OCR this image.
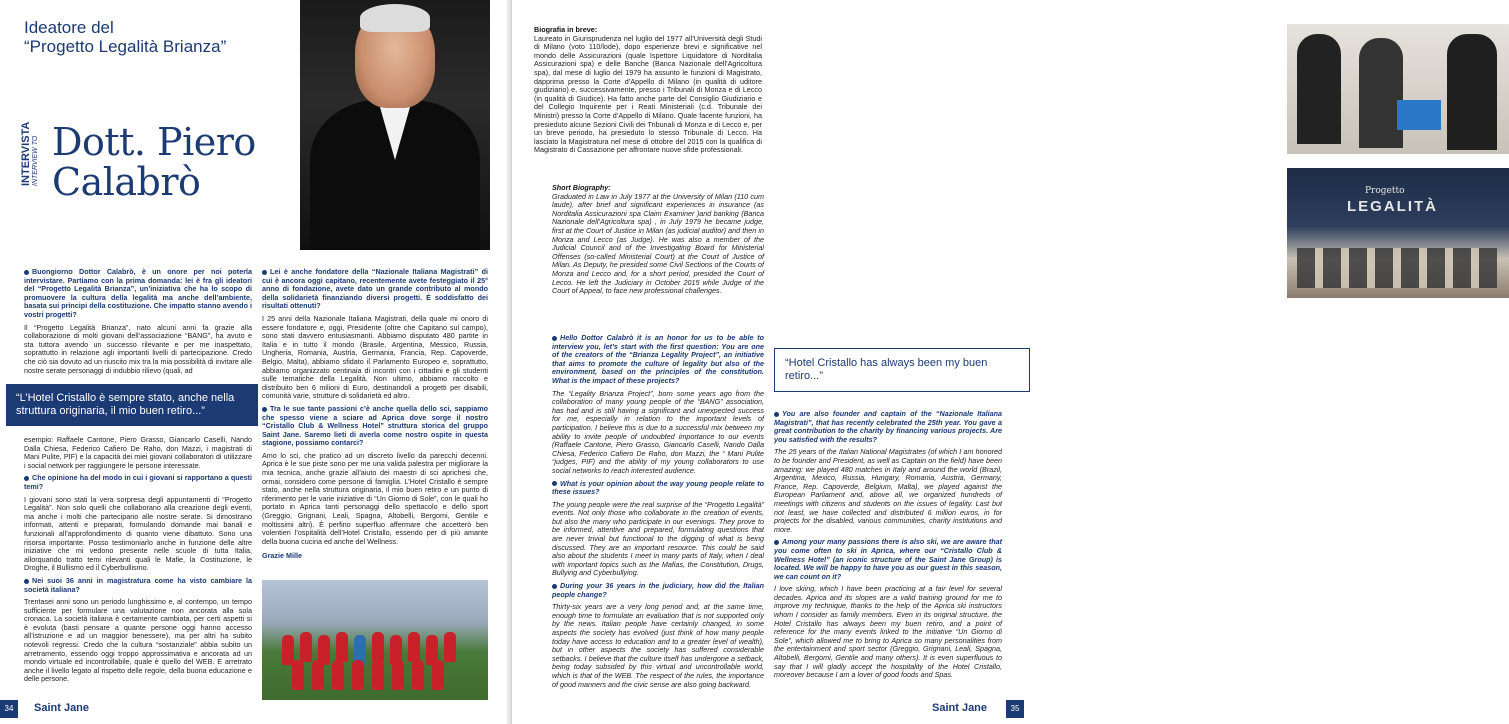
Ideatore del
“Progetto Legalità Brianza”
INTERVISTA INTERVIEW TO Dott. Piero
Calabrò
Buongiorno Dottor Calabrò, è un onore per noi poterla intervistare. Partiamo con la prima domanda: lei è fra gli ideatori del “Progetto Legalità Brianza”, un’iniziativa che ha lo scopo di promuovere la cultura della legalità ma anche dell’ambiente, basata sui principi della costituzione. Che impatto stanno avendo i vostri progetti?
Il “Progetto Legalità Brianza”, nato alcuni anni fa grazie alla collaborazione di molti giovani dell’associazione “BANG”, ha avuto e sta tuttora avendo un successo rilevante e per me inaspettato, soprattutto in relazione agli importanti livelli di partecipazione. Credo che ciò sia dovuto ad un riuscito mix tra la mia possibilità di invitare alle nostre serate personaggi di indubbio rilievo (quali, ad
“L’Hotel Cristallo è sempre stato, anche nella struttura originaria, il mio buen retiro...”
esempio: Raffaele Cantone, Piero Grasso, Giancarlo Caselli, Nando Dalla Chiesa, Federico Cafiero De Raho, don Mazzi, i magistrati di Mani Pulite, PIF) e la capacità dei miei giovani collaboratori di utilizzare i social network per raggiungere le persone interessate.
Che opinione ha del modo in cui i giovani si rapportano a questi temi?
I giovani sono stati la vera sorpresa degli appuntamenti di “Progetto Legalità”. Non solo quelli che collaborano alla creazione degli eventi, ma anche i molti che partecipano alle nostre serate. Si dimostrano informati, attenti e preparati, formulando domande mai banali e funzionali all’approfondimento di quanto viene dibattuto. Sono una risorsa importante. Posso testimoniarlo anche in funzione delle altre iniziative che mi vedono presente nelle scuole di tutta Italia, allorquando tratto temi rilevanti quali le Mafie, la Costituzione, le Droghe, il Bullismo ed il Cyberbullismo.
Nei suoi 36 anni in magistratura come ha visto cambiare la società italiana?
Trentasei anni sono un periodo lunghissimo e, al contempo, un tempo sufficiente per formulare una valutazione non ancorata alla sola cronaca. La società italiana è certamente cambiata, per certi aspetti si è evoluta (basti pensare a quante persone oggi hanno accesso all’istruzione e ad un maggior benessere), ma per altri ha subito notevoli regressi. Credo che la cultura “sostanziale” abbia subito un arretramento, essendo oggi troppo approssimativa e ancorata ad un mondo virtuale ed incontrollabile, quale è quello del WEB. E arretrato anche il livello legato al rispetto delle regole, della buona educazione e delle persone.
Lei è anche fondatore della “Nazionale Italiana Magistrati” di cui è ancora oggi capitano, recentemente avete festeggiato il 25° anno di fondazione, avete dato un grande contributo al mondo della solidarietà finanziando diversi progetti. È soddisfatto dei risultati ottenuti?
I 25 anni della Nazionale Italiana Magistrati, della quale mi onoro di essere fondatore e, oggi, Presidente (oltre che Capitano sul campo), sono stati davvero entusiasmanti. Abbiamo disputato 480 partite in Italia e in tutto il mondo (Brasile, Argentina, Messico, Russia, Ungheria, Romania, Austria, Germania, Francia, Rep. Capoverde, Belgio, Malta), abbiamo sfidato il Parlamento Europeo e, soprattutto, abbiamo organizzato centinaia di incontri con i cittadini e gli studenti sulle tematiche della Legalità. Non ultimo, abbiamo raccolto e distribuito ben 6 milioni di Euro, destinandoli a progetti per disabili, comunità varie, strutture di solidarietà ed altro.
Tra le sue tante passioni c’è anche quella dello sci, sappiamo che spesso viene a sciare ad Aprica dove sorge il nostro “Cristallo Club & Wellness Hotel” struttura storica del gruppo Saint Jane. Saremo lieti di averla come nostro ospite in questa stagione, possiamo contarci?
Amo lo sci, che pratico ad un discreto livello da parecchi decenni. Aprica è le sue piste sono per me una valida palestra per migliorare la mia tecnica, anche grazie all’aiuto dei maestri di sci aprichesi che, ormai, considero come persone di famiglia. L’Hotel Cristallo è sempre stato, anche nella struttura originaria, il mio buen retiro e un punto di riferimento per le varie iniziative di “Un Giorno di Sole”, con le quali ho portato in Aprica tanti personaggi dello spettacolo e dello sport (Greggio, Grignani, Leali, Spagna, Altobelli, Bergomi, Gentile e moltissimi altri). È perfino superfluo affermare che accetterò ben volentieri l’ospitalità dell’Hotel Cristallo, essendo per di più amante della buona cucina ed anche del Wellness.
Grazie Mille
34	Saint Jane
Biografia in breve:
Laureato in Giurisprudenza nel luglio del 1977 all’Università degli Studi di Milano (voto 110/lode), dopo esperienze brevi e significative nel mondo delle Assicurazioni (quale Ispettore Liquidatore di Norditalia Assicurazioni spa) e delle Banche (Banca Nazionale dell’Agricoltura spa), dal mese di luglio del 1979 ha assunto le funzioni di Magistrato, dapprima presso la Corte d’Appello di Milano (in qualità di uditore giudiziario) e, successivamente, presso i Tribunali di Monza e di Lecco (in qualità di Giudice). Ha fatto anche parte del Consiglio Giudiziario e del Collegio Inquirente per i Reati Ministeriali (c.d. Tribunale dei Ministri) presso la Corte d’Appello di Milano. Quale facente funzioni, ha presieduto alcune Sezioni Civili dei Tribunali di Monza e di Lecco e, per un breve periodo, ha presieduto lo stesso Tribunale di Lecco. Ha lasciato la Magistratura nel mese di ottobre del 2015 con la qualifica di Magistrato di Cassazione per affrontare nuove sfide professionali.
Short Biography:
Graduated in Law in July 1977 at the University of Milan (110 cum laude), after brief and significant experiences in insurance (as Norditalia Assicurazioni spa Claim Examiner )and banking (Banca Nazionale dell’Agricoltura spa) , in July 1979 he became judge, first at the Court of Justice in Milan (as judicial auditor) and then in Monza and Lecco (as Judge). He was also a member of the Judicial Council and of the Investigating Board for Ministerial Offenses (so-called Ministerial Court) at the Court of Justice of Milan. As Deputy, he presided some Civil Sections of the Courts of Monza and Lecco and, for a short period, presided the Court of Lecco. He left the Judiciary in October 2015 while Judge of the Court of Appeal, to face new professional challenges.
Hello Dottor Calabrò it is an honor for us to be able to interview you, let’s start with the first question: You are one of the creators of the “Brianza Legality Project”, an initiative that aims to promote the culture of legality but also of the environment, based on the principles of the constitution. What is the impact of these projects?
The “Legality Brianza Project”, born some years ago from the collaboration of many young people of the “BANG” association, has had and is still having a significant and unexpected success for me, especially in relation to the important levels of participation. I believe this is due to a successful mix between my ability to invite people of undoubted importance to our events (Raffaele Cantone, Piero Grasso, Giancarlo Caselli, Nando Dalla Chiesa, Federico Cafiero De Raho, don Mazzi, the “ Mani Pulite “judges, PIF) and the ability of my young collaborators to use social networks to reach interested audience.
What is your opinion about the way young people relate to these issues?
The young people were the real surprise of the “Progetto Legalità” events. Not only those who collaborate in the creation of events, but also the many who participate in our evenings. They prove to be informed, attentive and prepared, formulating questions that are never trivial but functional to the digging of what is being discussed. They are an important resource. This could be said also about the students I meet in many parts of Italy, when I deal with important topics such as the Mafias, the Constitution, Drugs, Bullying and Cyberbullying.
During your 36 years in the judiciary, how did the Italian people change?
Thirty-six years are a very long period and, at the same time, enough time to formulate an evaluation that is not supported only by the news. Italian people have certainly changed, in some aspects the society has evolved (just think of how many people today have access to education and to a greater level of wealth), but in other aspects the society has suffered considerable setbacks. I believe that the culture itself has undergone a setback, being today subsided by this virtual and uncontrollable world, which is that of the WEB. The respect of the rules, the importance of good manners and the civic sense are also going backward.
Progetto
LEGALITÀ
“Hotel Cristallo has always been my buen retiro...”
You are also founder and captain of the “Nazionale Italiana Magistrati”, that has recently celebrated the 25th year. You gave a great contribution to the charity by financing various projects. Are you satisfied with the results?
The 25 years of the Italian National Magistrates (of which I am honored to be founder and President, as well as Captain on the field) have been amazing: we played 480 matches in Italy and around the world (Brazil, Argentina, Mexico, Russia, Hungary, Romania, Austria, Germany, France, Rep. Capoverde, Belgium, Malta), we played against the European Parliament and, above all, we organized hundreds of meetings with citizens and students on the issues of legality. Last but not least, we have collected and distributed 6 million euros, in for projects for the disabled, various communities, charity institutions and more.
Among your many passions there is also ski, we are aware that you come often to ski in Aprica, where our “Cristallo Club & Wellness Hotel” (an iconic structure of the Saint Jane Group) is located. We will be happy to have you as our guest in this season, we can count on it?
I love skiing, which I have been practicing at a fair level for several decades. Aprica and its slopes are a valid training ground for me to improve my technique, thanks to the help of the Aprica ski instructors whom I consider as family members. Even in its original structure, the Hotel Cristallo has always been my buen retiro, and a point of reference for the many events linked to the initiative “Un Giorno di Sole”, which allowed me to bring to Aprica so many personalities from the entertainment and sport sector (Greggio, Grignani, Leali, Spagna, Altobelli, Bergomi, Gentile and many others). It is even superfluous to say that I will gladly accept the hospitality of the Hotel Cristallo, moreover because I am a lover of good foods and Spas.
Saint Jane	35
